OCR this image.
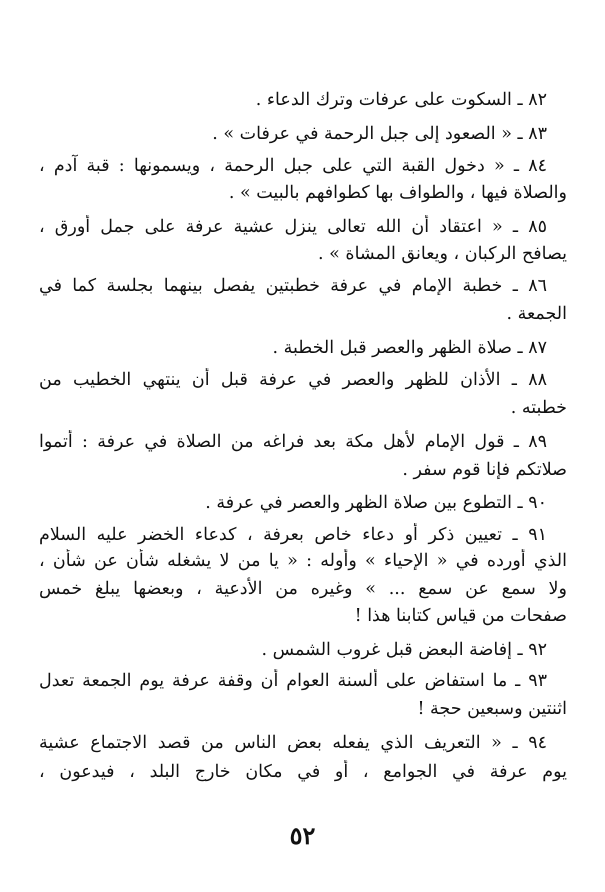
٨٢ ـ السكوت على عرفات وترك الدعاء .
٨٣ ـ « الصعود إلى جبل الرحمة في عرفات » .
٨٤ ـ « دخول القبة التي على جبل الرحمة ، ويسمونها : قبة آدم ،
والصلاة فيها ، والطواف بها كطوافهم بالبيت » .
٨٥ ـ « اعتقاد أن الله تعالى ينزل عشية عرفة على جمل أورق ،
يصافح الركبان ، ويعانق المشاة » .
٨٦ ـ خطبة الإمام في عرفة خطبتين يفصل بينهما بجلسة كما في
الجمعة .
٨٧ ـ صلاة الظهر والعصر قبل الخطبة .
٨٨ ـ الأذان للظهر والعصر في عرفة قبل أن ينتهي الخطيب من
خطبته .
٨٩ ـ قول الإمام لأهل مكة بعد فراغه من الصلاة في عرفة : أتموا
صلاتكم فإنا قوم سفر .
٩٠ ـ التطوع بين صلاة الظهر والعصر في عرفة .
٩١ ـ تعيين ذكر أو دعاء خاص بعرفة ، كدعاء الخضر عليه السلام
الذي أورده في « الإحياء » وأوله : « يا من لا يشغله شأن عن شأن ،
ولا سمع عن سمع ... » وغيره من الأدعية ، وبعضها يبلغ خمس
صفحات من قياس كتابنا هذا !
٩٢ ـ إفاضة البعض قبل غروب الشمس .
٩٣ ـ ما استفاض على ألسنة العوام أن وقفة عرفة يوم الجمعة تعدل
اثنتين وسبعين حجة !
٩٤ ـ « التعريف الذي يفعله بعض الناس من قصد الاجتماع عشية
يوم عرفة في الجوامع ، أو في مكان خارج البلد ، فيدعون ،
٥٢
